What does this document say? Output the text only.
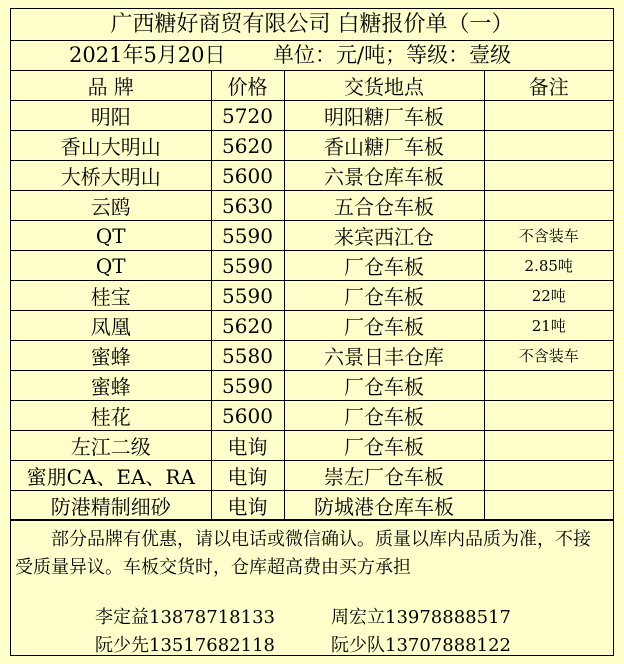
广西糖好商贸有限公司 白糖报价单（一）
2021年5月20日 单位：元/吨；等级：壹级
品 牌	价格	交货地点	备注
明阳	5720	明阳糖厂车板	
香山大明山	5620	香山糖厂车板	
大桥大明山	5600	六景仓库车板	
云鸥	5630	五合仓车板	
QT	5590	来宾西江仓	不含装车
QT	5590	厂仓车板	2.85吨
桂宝	5590	厂仓车板	22吨
凤凰	5620	厂仓车板	21吨
蜜蜂	5580	六景日丰仓库	不含装车
蜜蜂	5590	厂仓车板	
桂花	5600	厂仓车板	
左江二级	电询	厂仓车板	
蜜朋CA、EA、RA	电询	崇左厂仓车板	
防港精制细砂	电询	防城港仓库车板	
部分品牌有优惠，请以电话或微信确认。质量以库内品质为准，不接受质量异议。车板交货时，仓库超高费由买方承担
李定益13878718133	周宏立13978888517
阮少先13517682118	阮少队13707888122
